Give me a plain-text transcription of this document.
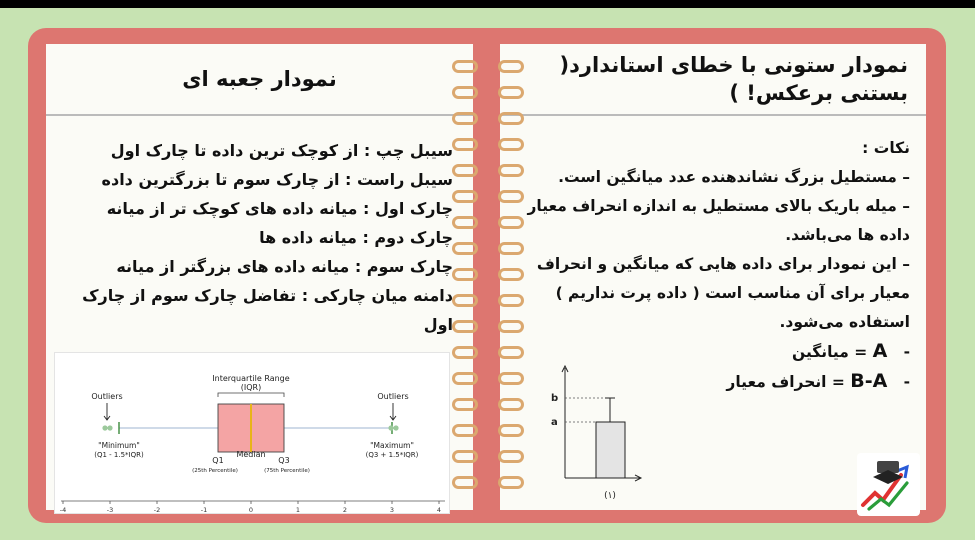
نمودار جعبه ای
سیبل چپ : از کوچک ترین داده تا چارک اول
سیبل راست : از چارک سوم تا بزرگترین داده
چارک اول : میانه داده های کوچک تر از میانه
چارک دوم : میانه داده ها
چارک سوم : میانه داده های بزرگتر از میانه
دامنه میان چارکی : تفاضل چارک سوم از چارک
اول
نمودار ستونی با خطای استاندارد( بستنی برعکس! )
نکات :
– مستطیل بزرگ نشاندهنده عدد میانگین است.
– میله باریک بالای مستطیل به اندازه انحراف معیار
داده ها می‌باشد.
– این نمودار برای داده هایی که میانگین و انحراف
معیار برای آن مناسب است ( داده پرت نداریم )
استفاده می‌شود.
-   A = میانگین
-   B-A = انحراف معیار
Interquartile Range
(IQR)
Outliers	Outliers
"Minimum"
(Q1 - 1.5*IQR)
"Maximum"
(Q3 + 1.5*IQR)
Q1
Median
Q3
(25th Percentile)	(75th Percentile)
-4	-3	-2	-1	0	1	2	3	4
b
a
(١)
